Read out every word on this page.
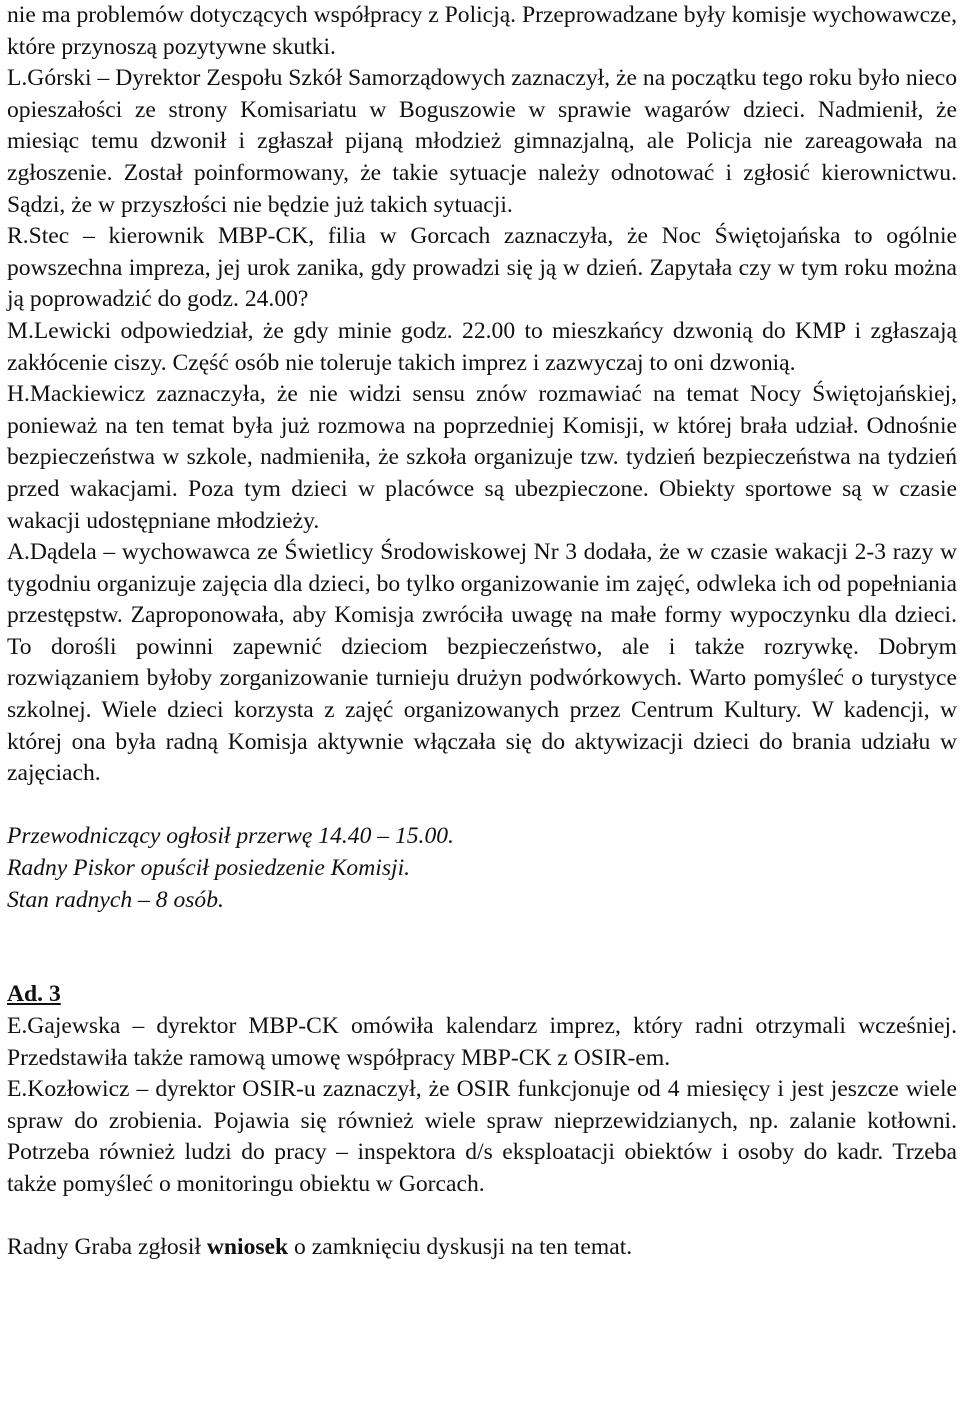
nie ma problemów dotyczących współpracy z Policją. Przeprowadzane były komisje wychowawcze, które przynoszą pozytywne skutki.

L.Górski – Dyrektor Zespołu Szkół Samorządowych zaznaczył, że na początku tego roku było nieco opieszałości ze strony Komisariatu w Boguszowie w sprawie wagarów dzieci. Nadmienił, że miesiąc temu dzwonił i zgłaszał pijaną młodzież gimnazjalną, ale Policja nie zareagowała na zgłoszenie. Został poinformowany, że takie sytuacje należy odnotować i zgłosić kierownictwu. Sądzi, że w przyszłości nie będzie już takich sytuacji.

R.Stec – kierownik MBP-CK, filia w Gorcach zaznaczyła, że Noc Świętojańska to ogólnie powszechna impreza, jej urok zanika, gdy prowadzi się ją w dzień. Zapytała czy w tym roku można ją poprowadzić do godz. 24.00?

M.Lewicki odpowiedział, że gdy minie godz. 22.00 to mieszkańcy dzwonią do KMP i zgłaszają zakłócenie ciszy. Część osób nie toleruje takich imprez i zazwyczaj to oni dzwonią.

H.Mackiewicz zaznaczyła, że nie widzi sensu znów rozmawiać na temat Nocy Świętojańskiej, ponieważ na ten temat była już rozmowa na poprzedniej Komisji, w której brała udział. Odnośnie bezpieczeństwa w szkole, nadmieniła, że szkoła organizuje tzw. tydzień bezpieczeństwa na tydzień przed wakacjami. Poza tym dzieci w placówce są ubezpieczone. Obiekty sportowe są w czasie wakacji udostępniane młodzieży.

A.Dądela – wychowawca ze Świetlicy Środowiskowej Nr 3 dodała, że w czasie wakacji 2-3 razy w tygodniu organizuje zajęcia dla dzieci, bo tylko organizowanie im zajęć, odwleka ich od popełniania przestępstw. Zaproponowała, aby Komisja zwróciła uwagę na małe formy wypoczynku dla dzieci. To dorośli powinni zapewnić dzieciom bezpieczeństwo, ale i także rozrywkę. Dobrym rozwiązaniem byłoby zorganizowanie turnieju drużyn podwórkowych. Warto pomyśleć o turystyce szkolnej. Wiele dzieci korzysta z zajęć organizowanych przez Centrum Kultury. W kadencji, w której ona była radną Komisja aktywnie włączała się do aktywizacji dzieci do brania udziału w zajęciach.

Przewodniczący ogłosił przerwę 14.40 – 15.00.

Radny Piskor opuścił posiedzenie Komisji.

Stan radnych – 8 osób.

Ad. 3

E.Gajewska – dyrektor MBP-CK omówiła kalendarz imprez, który radni otrzymali wcześniej. Przedstawiła także ramową umowę współpracy MBP-CK z OSIR-em.

E.Kozłowicz – dyrektor OSIR-u zaznaczył, że OSIR funkcjonuje od 4 miesięcy i jest jeszcze wiele spraw do zrobienia. Pojawia się również wiele spraw nieprzewidzianych, np. zalanie kotłowni. Potrzeba również ludzi do pracy – inspektora d/s eksploatacji obiektów i osoby do kadr. Trzeba także pomyśleć o monitoringu obiektu w Gorcach.

Radny Graba zgłosił wniosek o zamknięciu dyskusji na ten temat.
